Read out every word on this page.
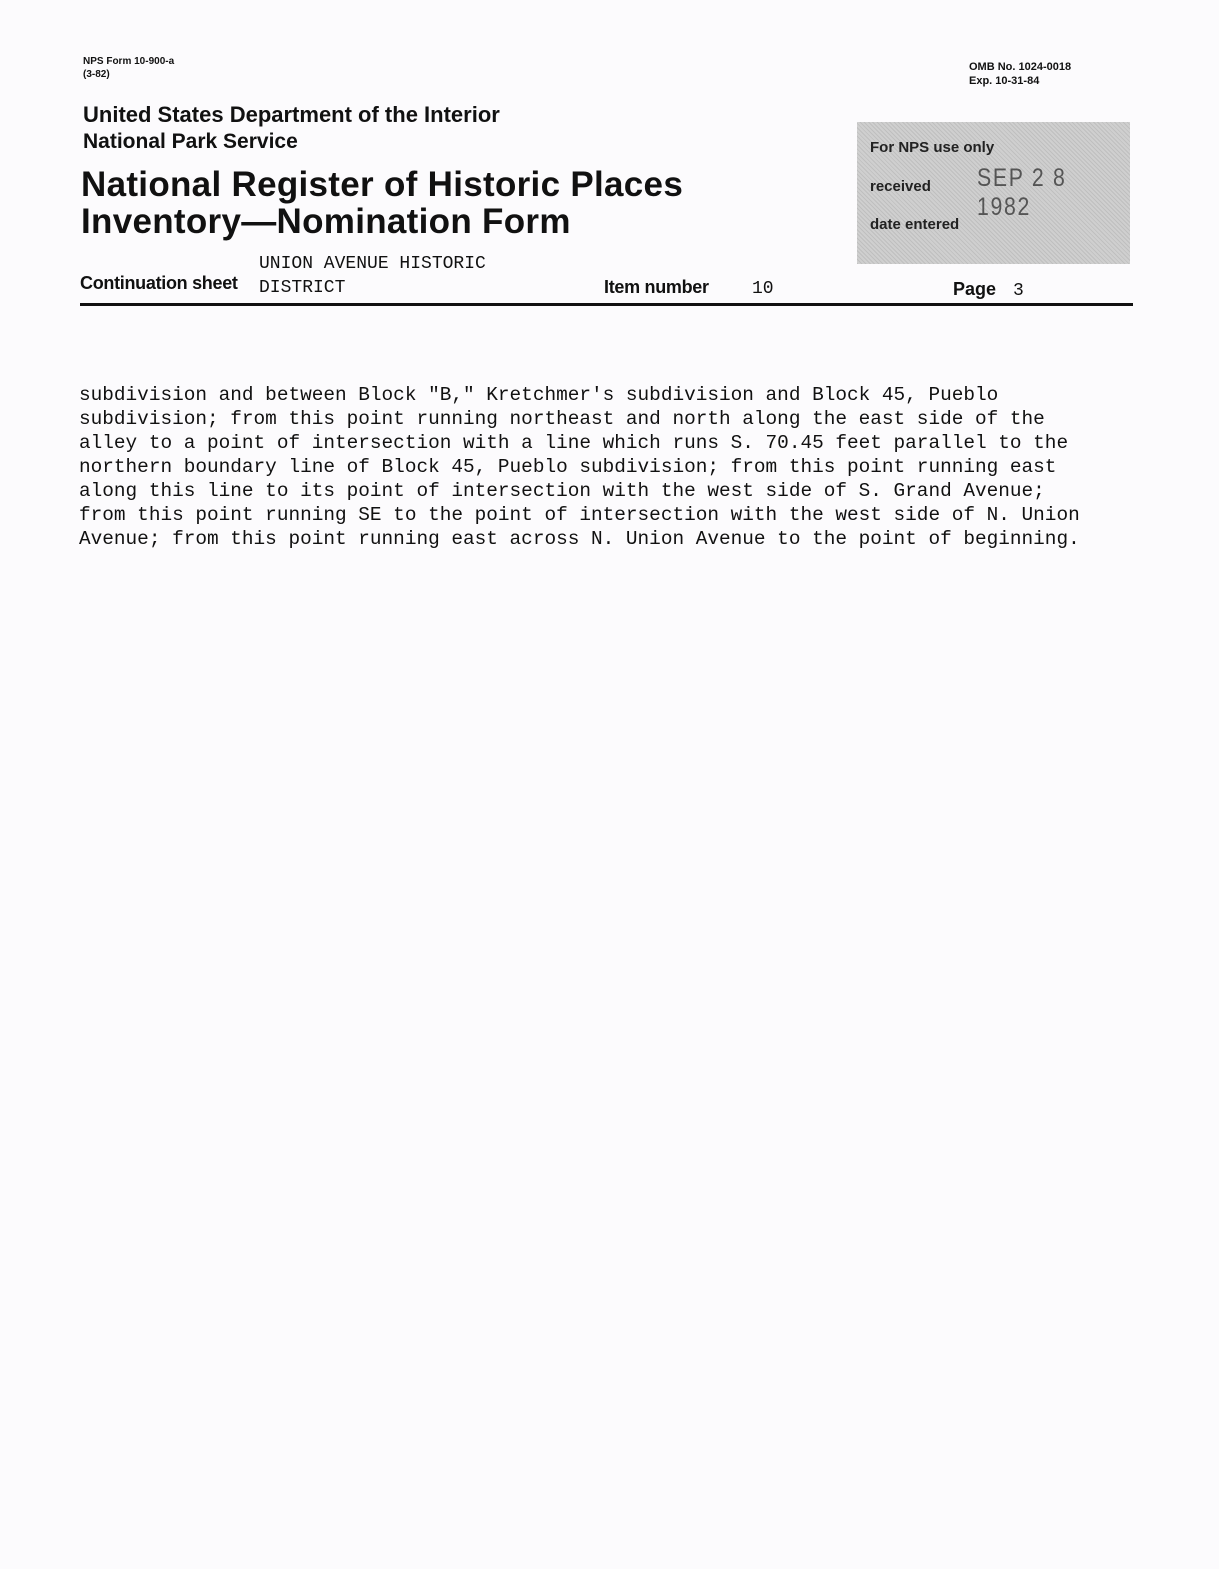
NPS Form 10-900-a
(3-82)
OMB No. 1024-0018
Exp. 10-31-84
United States Department of the Interior
National Park Service
National Register of Historic Places
Inventory—Nomination Form
For NPS use only
received SEP 2 8 1982
date entered
UNION AVENUE HISTORIC
DISTRICT
Continuation sheet	Item number 10	Page 3
subdivision and between Block "B," Kretchmer's subdivision and Block 45, Pueblo
subdivision; from this point running northeast and north along the east side of the
alley to a point of intersection with a line which runs S. 70.45 feet parallel to the
northern boundary line of Block 45, Pueblo subdivision; from this point running east
along this line to its point of intersection with the west side of S. Grand Avenue;
from this point running SE to the point of intersection with the west side of N. Union
Avenue; from this point running east across N. Union Avenue to the point of beginning.
